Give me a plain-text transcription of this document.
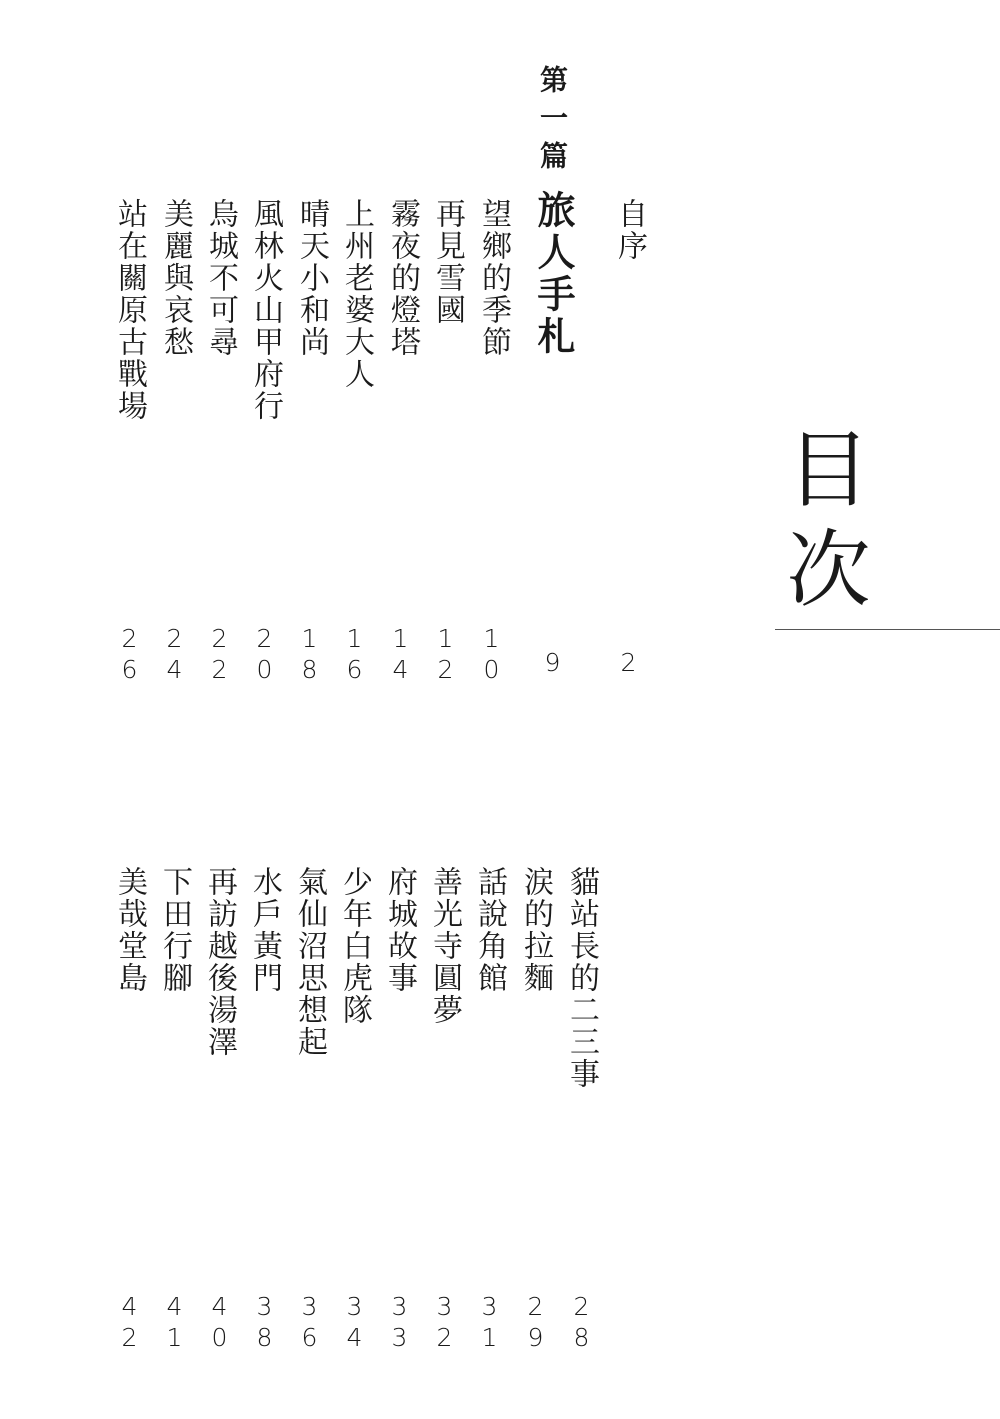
目次
第一篇
自序
2
旅人手札
9
望鄉的季節
10
再見雪國
12
霧夜的燈塔
14
上州老婆大人
16
晴天小和尚
18
風林火山甲府行
20
烏城不可尋
22
美麗與哀愁
24
站在關原古戰場
26
貓站長的二三事
28
涙的拉麵
29
話說角館
31
善光寺圓夢
32
府城故事
33
少年白虎隊
34
氣仙沼思想起
36
水戶黃門
38
再訪越後湯澤
40
下田行腳
41
美哉堂島
42
